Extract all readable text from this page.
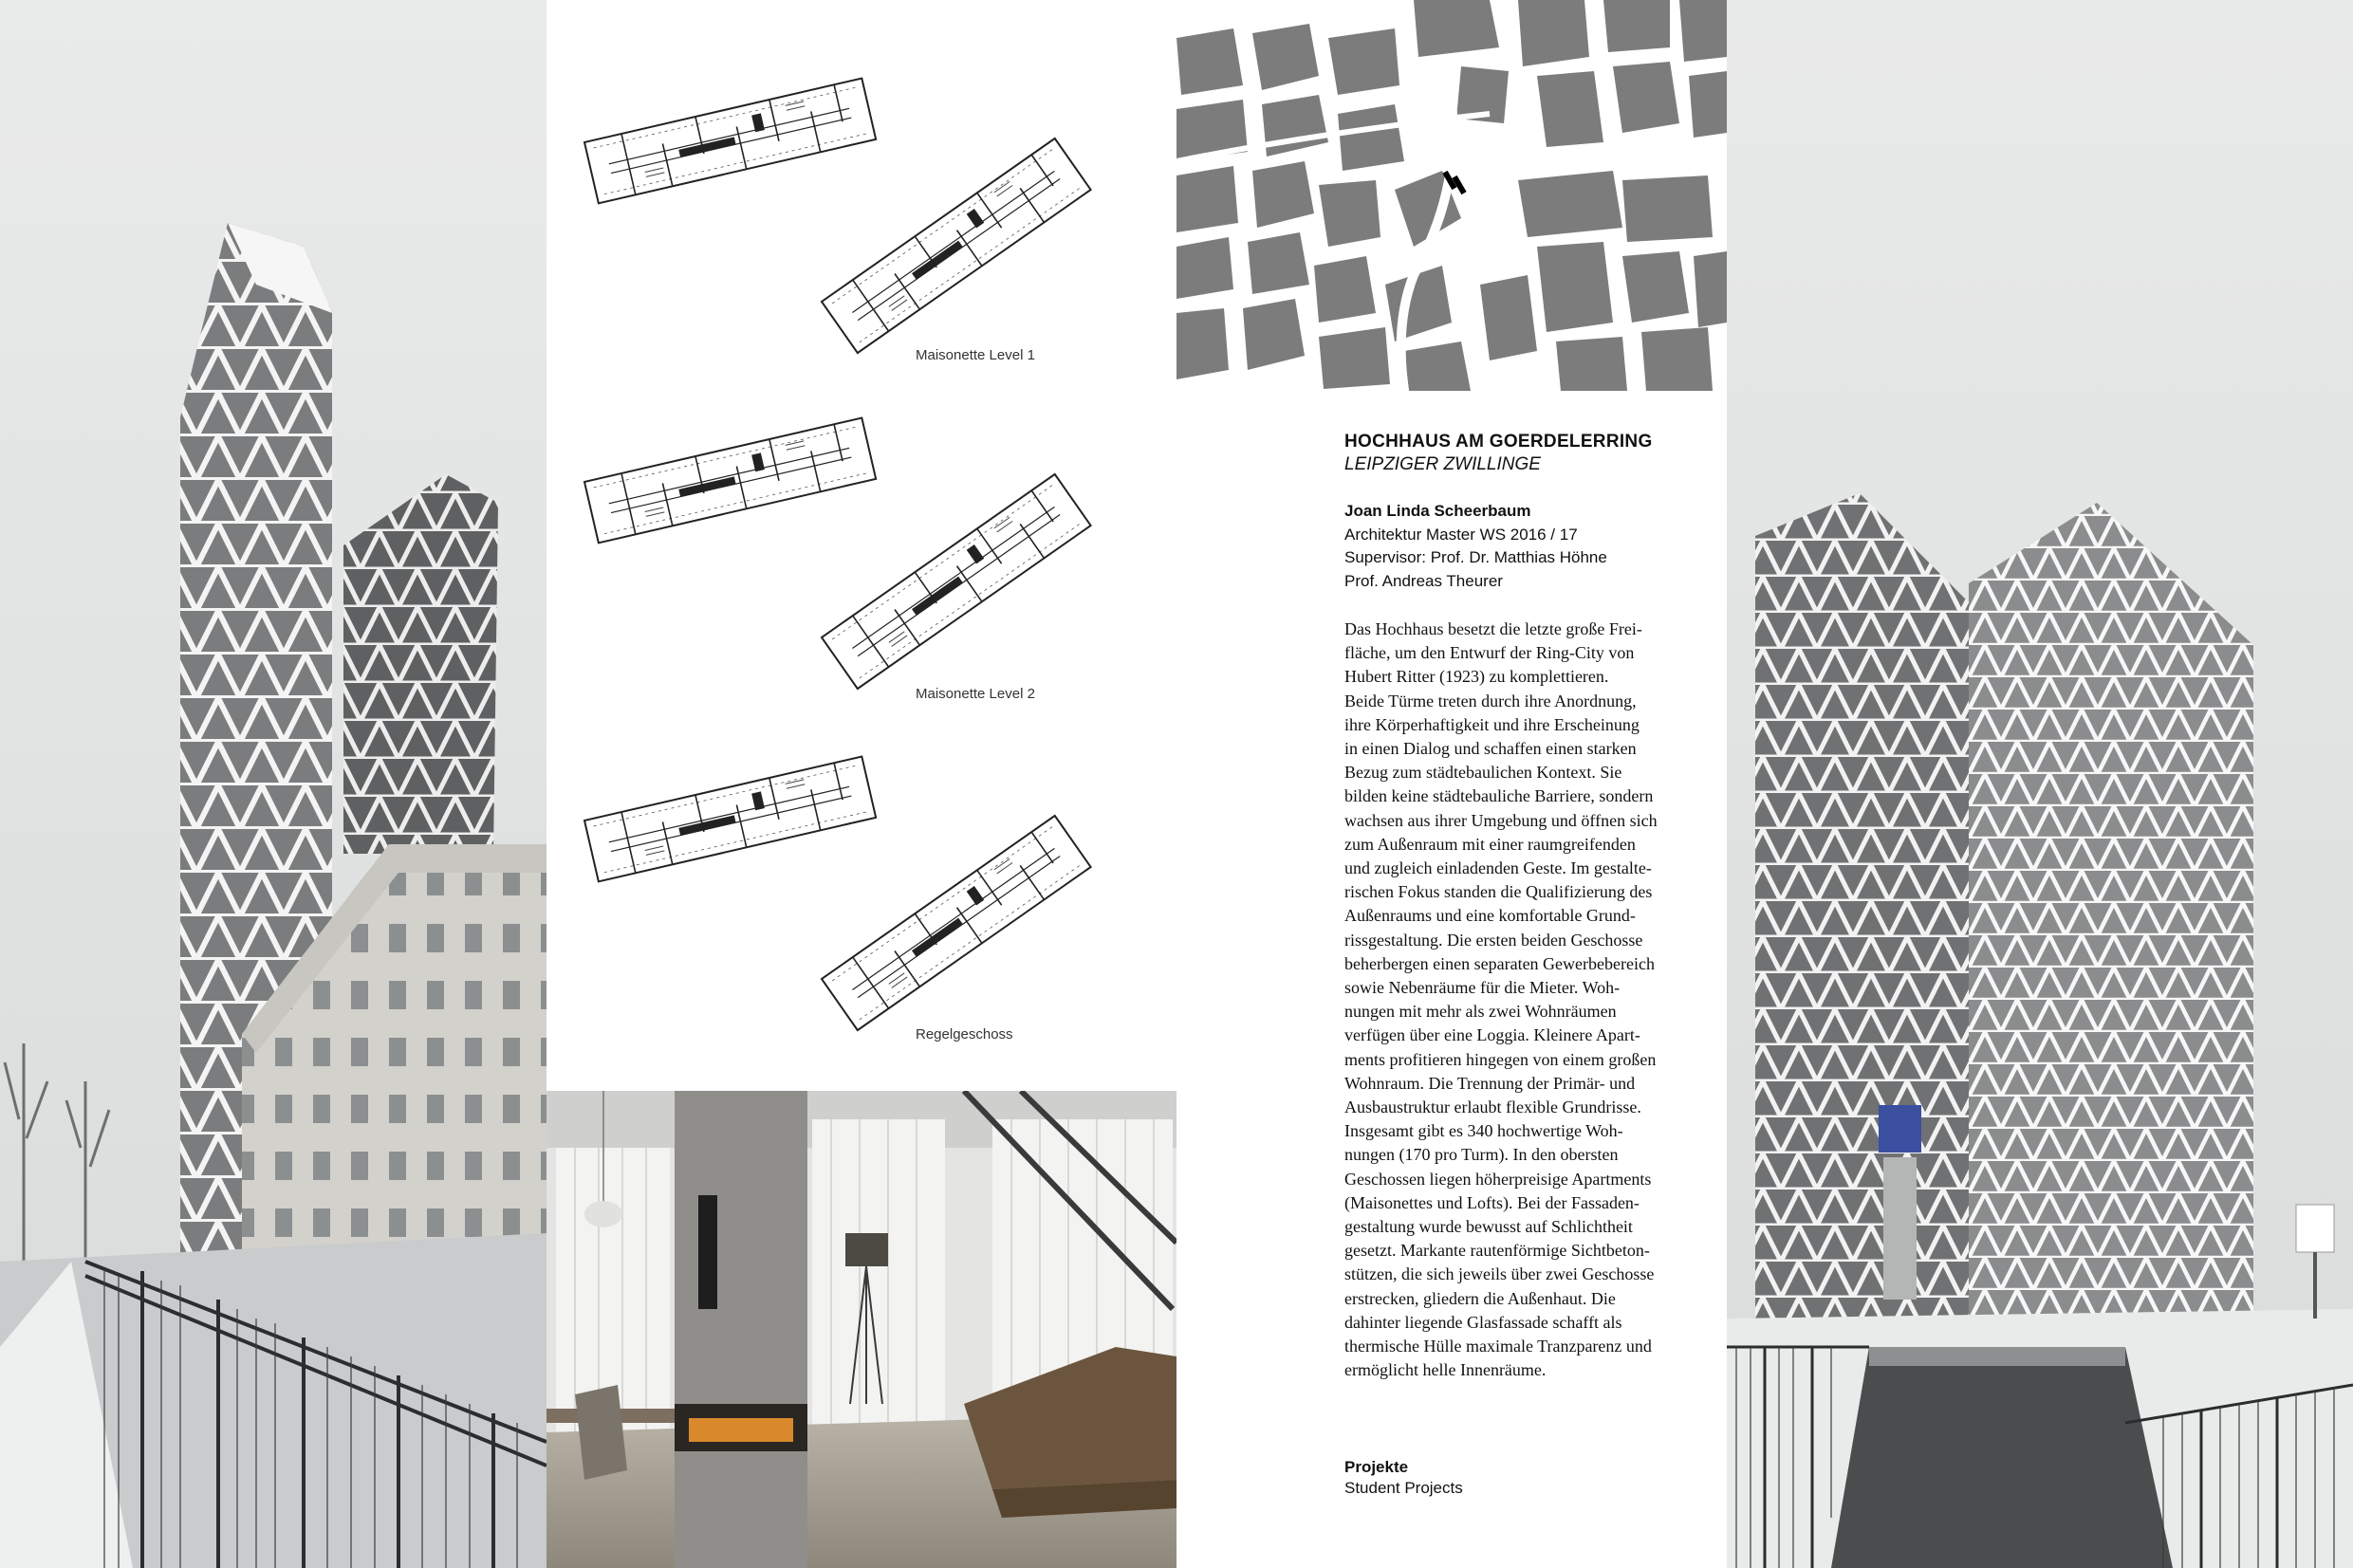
Maisonette Level 1
Maisonette Level 2
Regelgeschoss
HOCHHAUS AM GOERDELERRING

LEIPZIGER ZWILLINGE

Joan Linda Scheerbaum
Architektur Master WS 2016 / 17
Supervisor: Prof. Dr. Matthias Höhne
Prof. Andreas Theurer
Das Hochhaus besetzt die letzte große Frei-
fläche, um den Entwurf der Ring-City von
Hubert Ritter (1923) zu komplettieren.
Beide Türme treten durch ihre Anordnung,
ihre Körperhaftigkeit und ihre Erscheinung
in einen Dialog und schaffen einen starken
Bezug zum städtebaulichen Kontext. Sie
bilden keine städtebauliche Barriere, sondern
wachsen aus ihrer Umgebung und öffnen sich
zum Außenraum mit einer raumgreifenden
und zugleich einladenden Geste. Im gestalte-
rischen Fokus standen die Qualifizierung des
Außenraums und eine komfortable Grund-
rissgestaltung. Die ersten beiden Geschosse
beherbergen einen separaten Gewerbebereich
sowie Nebenräume für die Mieter. Woh-
nungen mit mehr als zwei Wohnräumen
verfügen über eine Loggia. Kleinere Apart-
ments profitieren hingegen von einem großen
Wohnraum. Die Trennung der Primär- und
Ausbaustruktur erlaubt flexible Grundrisse.
Insgesamt gibt es 340 hochwertige Woh-
nungen (170 pro Turm). In den obersten
Geschossen liegen höherpreisige Apartments
(Maisonettes und Lofts). Bei der Fassaden-
gestaltung wurde bewusst auf Schlichtheit
gesetzt. Markante rautenförmige Sichtbeton-
stützen, die sich jeweils über zwei Geschosse
erstrecken, gliedern die Außenhaut. Die
dahinter liegende Glasfassade schafft als
thermische Hülle maximale Tranzparenz und
ermöglicht helle Innenräume.
Projekte
Student Projects
